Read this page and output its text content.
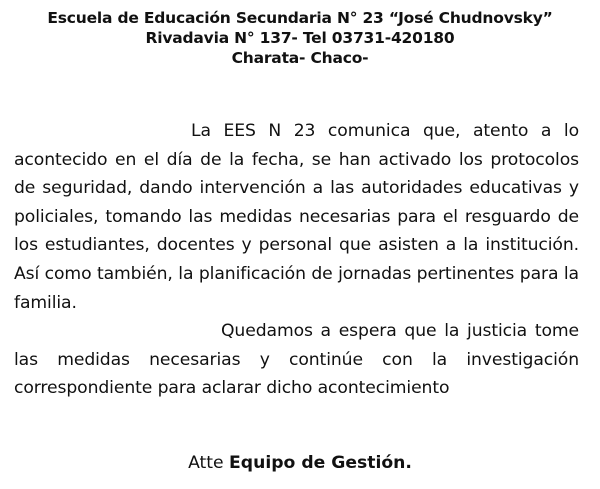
Escuela de Educación Secundaria N° 23 “José Chudnovsky”
Rivadavia N° 137- Tel 03731-420180
Charata- Chaco-

La EES N 23 comunica que, atento a lo acontecido en el día de la fecha, se han activado los protocolos de seguridad, dando intervención a las autoridades educativas y policiales, tomando las medidas necesarias para el resguardo de los estudiantes, docentes y personal que asisten a la institución. Así como también, la planificación de jornadas pertinentes para la familia.

Quedamos a espera que la justicia tome las medidas necesarias y continúe con la investigación correspondiente para aclarar dicho acontecimiento

Atte Equipo de Gestión.
